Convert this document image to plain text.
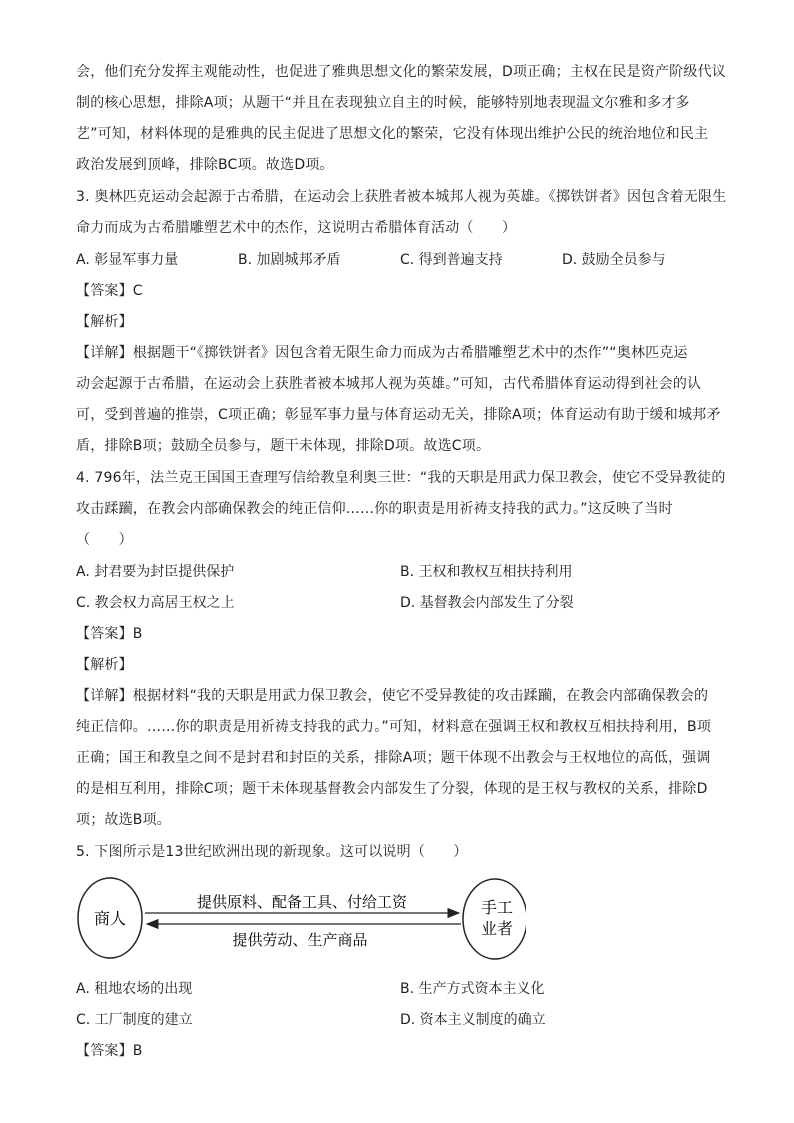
会，他们充分发挥主观能动性，也促进了雅典思想文化的繁荣发展，D项正确；主权在民是资产阶级代议
制的核心思想，排除A项；从题干“并且在表现独立自主的时候，能够特别地表现温文尔雅和多才多
艺”可知，材料体现的是雅典的民主促进了思想文化的繁荣，它没有体现出维护公民的统治地位和民主
政治发展到顶峰，排除BC项。故选D项。
3. 奥林匹克运动会起源于古希腊，在运动会上获胜者被本城邦人视为英雄。《掷铁饼者》因包含着无限生
命力而成为古希腊雕塑艺术中的杰作，这说明古希腊体育活动（　　）
A. 彰显军事力量	B. 加剧城邦矛盾	C. 得到普遍支持	D. 鼓励全员参与
【答案】C
【解析】
【详解】根据题干“《掷铁饼者》因包含着无限生命力而成为古希腊雕塑艺术中的杰作”“奥林匹克运
动会起源于古希腊，在运动会上获胜者被本城邦人视为英雄。”可知，古代希腊体育运动得到社会的认
可，受到普遍的推崇，C项正确；彰显军事力量与体育运动无关，排除A项；体育运动有助于缓和城邦矛
盾，排除B项；鼓励全员参与，题干未体现，排除D项。故选C项。
4. 796年，法兰克王国国王查理写信给教皇利奥三世：“我的天职是用武力保卫教会，使它不受异教徒的
攻击蹂躏，在教会内部确保教会的纯正信仰……你的职责是用祈祷支持我的武力。”这反映了当时
（　　）
A. 封君要为封臣提供保护	B. 王权和教权互相扶持利用
C. 教会权力高居王权之上	D. 基督教会内部发生了分裂
【答案】B
【解析】
【详解】根据材料“我的天职是用武力保卫教会，使它不受异教徒的攻击蹂躏，在教会内部确保教会的
纯正信仰。……你的职责是用祈祷支持我的武力。”可知，材料意在强调王权和教权互相扶持利用，B项
正确；国王和教皇之间不是封君和封臣的关系，排除A项；题干体现不出教会与王权地位的高低，强调
的是相互利用，排除C项；题干未体现基督教会内部发生了分裂，体现的是王权与教权的关系，排除D
项；故选B项。
5. 下图所示是13世纪欧洲出现的新现象。这可以说明（　　）
商人
手工
业者
提供原料、配备工具、付给工资
提供劳动、生产商品
A. 租地农场的出现	B. 生产方式资本主义化
C. 工厂制度的建立	D. 资本主义制度的确立
【答案】B
